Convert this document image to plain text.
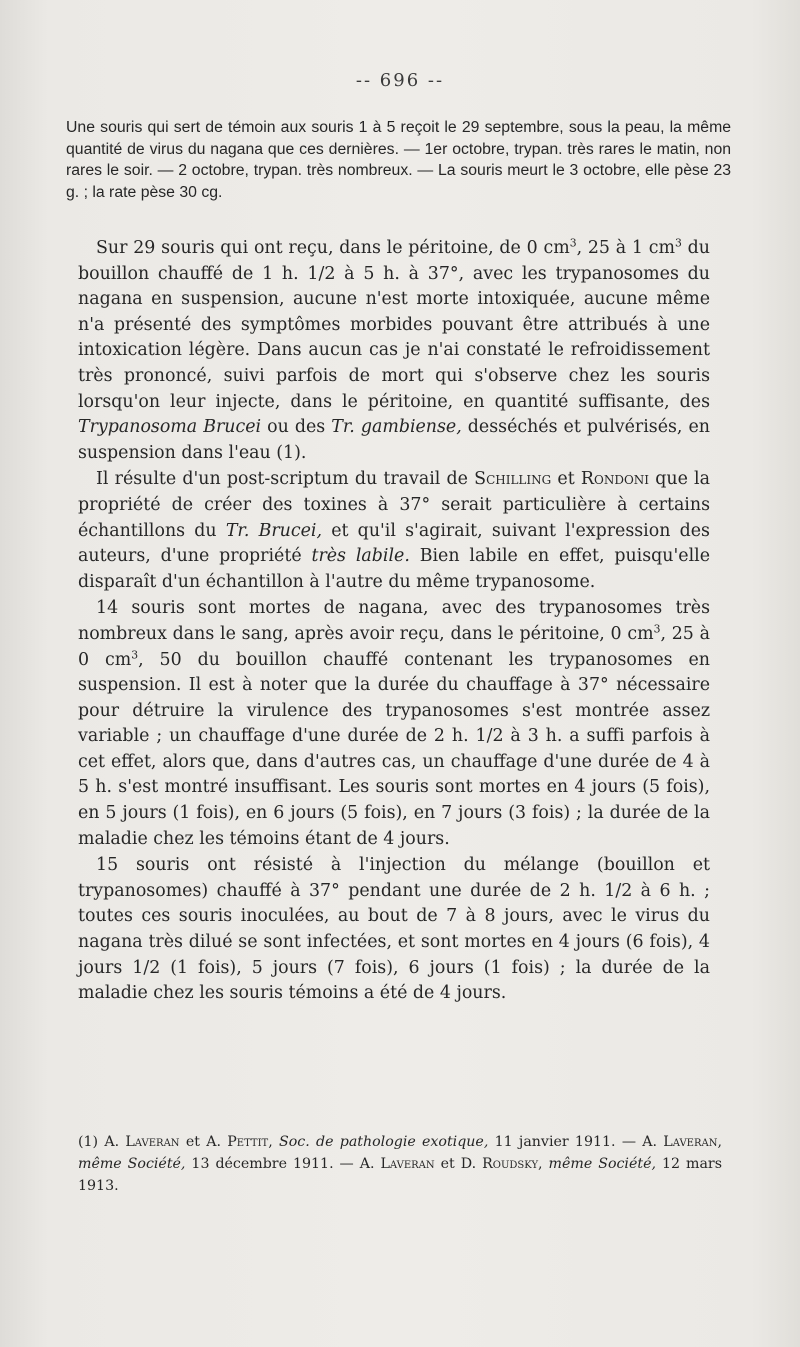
-- 696 --
Une souris qui sert de témoin aux souris 1 à 5 reçoit le 29 septembre, sous la peau, la même quantité de virus du nagana que ces dernières. — 1er octobre, trypan. très rares le matin, non rares le soir. — 2 octobre, trypan. très nombreux. — La souris meurt le 3 octobre, elle pèse 23 g. ; la rate pèse 30 cg.

Sur 29 souris qui ont reçu, dans le péritoine, de 0 $cm^3$, 25 à 1 $cm^3$ du bouillon chauffé de 1 h. 1/2 à 5 h. à 37°, avec les trypanosomes du nagana en suspension, aucune n'est morte intoxiquée, aucune même n'a présenté des symptômes morbides pouvant être attribués à une intoxication légère. Dans aucun cas je n'ai constaté le refroidissement très prononcé, suivi parfois de mort qui s'observe chez les souris lorsqu'on leur injecte, dans le péritoine, en quantité suffisante, des Trypanosoma Brucei ou des Tr. gambiense, desséchés et pulvérisés, en suspension dans l'eau (1).

Il résulte d'un post-scriptum du travail de Schilling et Rondoni que la propriété de créer des toxines à 37° serait particulière à certains échantillons du Tr. Brucei, et qu'il s'agirait, suivant l'expression des auteurs, d'une propriété très labile. Bien labile en effet, puisqu'elle disparaît d'un échantillon à l'autre du même trypanosome.

14 souris sont mortes de nagana, avec des trypanosomes très nombreux dans le sang, après avoir reçu, dans le péritoine, 0 $cm^3$, 25 à 0 $cm^3$, 50 du bouillon chauffé contenant les trypanosomes en suspension. Il est à noter que la durée du chauffage à 37° nécessaire pour détruire la virulence des trypanosomes s'est montrée assez variable ; un chauffage d'une durée de 2 h. 1/2 à 3 h. a suffi parfois à cet effet, alors que, dans d'autres cas, un chauffage d'une durée de 4 à 5 h. s'est montré insuffisant. Les souris sont mortes en 4 jours (5 fois), en 5 jours (1 fois), en 6 jours (5 fois), en 7 jours (3 fois) ; la durée de la maladie chez les témoins étant de 4 jours.

15 souris ont résisté à l'injection du mélange (bouillon et trypanosomes) chauffé à 37° pendant une durée de 2 h. 1/2 à 6 h. ; toutes ces souris inoculées, au bout de 7 à 8 jours, avec le virus du nagana très dilué se sont infectées, et sont mortes en 4 jours (6 fois), 4 jours 1/2 (1 fois), 5 jours (7 fois), 6 jours (1 fois) ; la durée de la maladie chez les souris témoins a été de 4 jours.

(1) A. Laveran et A. Pettit, Soc. de pathologie exotique, 11 janvier 1911. — A. Laveran, même Société, 13 décembre 1911. — A. Laveran et D. Roudsky, même Société, 12 mars 1913.
